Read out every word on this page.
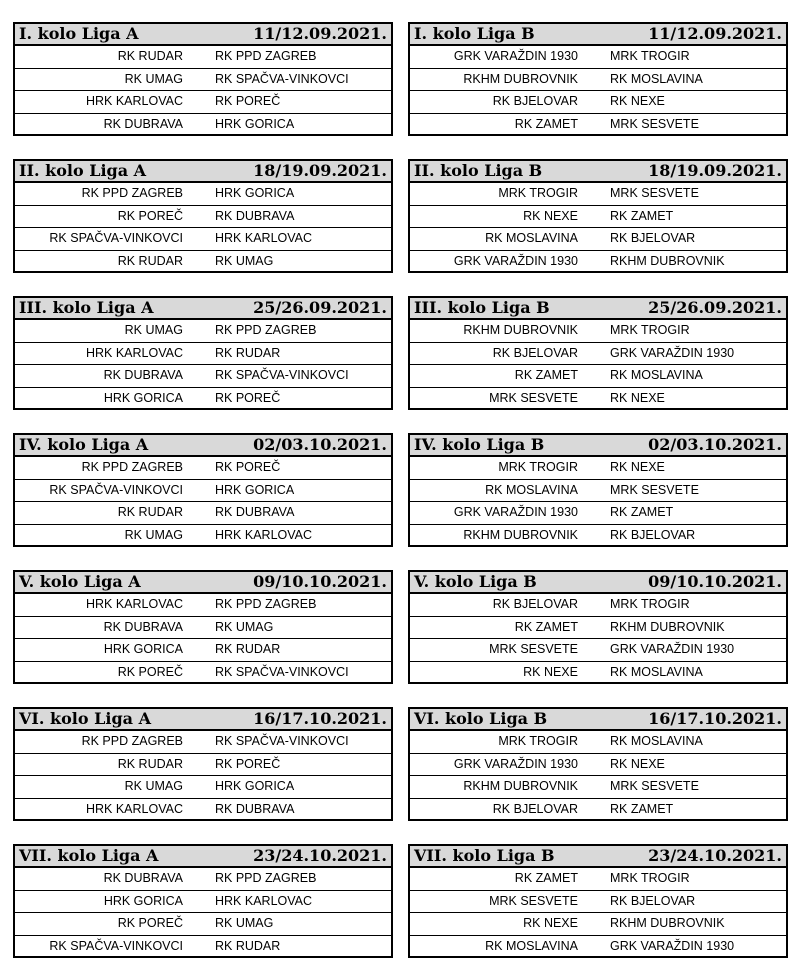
I. kolo Liga A	11/12.09.2021.
RK RUDAR	RK PPD ZAGREB
RK UMAG	RK SPAČVA-VINKOVCI
HRK KARLOVAC	RK POREČ
RK DUBRAVA	HRK GORICA
I. kolo Liga B	11/12.09.2021.
GRK VARAŽDIN 1930	MRK TROGIR
RKHM DUBROVNIK	RK MOSLAVINA
RK BJELOVAR	RK NEXE
RK ZAMET	MRK SESVETE
II. kolo Liga A	18/19.09.2021.
RK PPD ZAGREB	HRK GORICA
RK POREČ	RK DUBRAVA
RK SPAČVA-VINKOVCI	HRK KARLOVAC
RK RUDAR	RK UMAG
II. kolo Liga B	18/19.09.2021.
MRK TROGIR	MRK SESVETE
RK NEXE	RK ZAMET
RK MOSLAVINA	RK BJELOVAR
GRK VARAŽDIN 1930	RKHM DUBROVNIK
III. kolo Liga A	25/26.09.2021.
RK UMAG	RK PPD ZAGREB
HRK KARLOVAC	RK RUDAR
RK DUBRAVA	RK SPAČVA-VINKOVCI
HRK GORICA	RK POREČ
III. kolo Liga B	25/26.09.2021.
RKHM DUBROVNIK	MRK TROGIR
RK BJELOVAR	GRK VARAŽDIN 1930
RK ZAMET	RK MOSLAVINA
MRK SESVETE	RK NEXE
IV. kolo Liga A	02/03.10.2021.
RK PPD ZAGREB	RK POREČ
RK SPAČVA-VINKOVCI	HRK GORICA
RK RUDAR	RK DUBRAVA
RK UMAG	HRK KARLOVAC
IV. kolo Liga B	02/03.10.2021.
MRK TROGIR	RK NEXE
RK MOSLAVINA	MRK SESVETE
GRK VARAŽDIN 1930	RK ZAMET
RKHM DUBROVNIK	RK BJELOVAR
V. kolo Liga A	09/10.10.2021.
HRK KARLOVAC	RK PPD ZAGREB
RK DUBRAVA	RK UMAG
HRK GORICA	RK RUDAR
RK POREČ	RK SPAČVA-VINKOVCI
V. kolo Liga B	09/10.10.2021.
RK BJELOVAR	MRK TROGIR
RK ZAMET	RKHM DUBROVNIK
MRK SESVETE	GRK VARAŽDIN 1930
RK NEXE	RK MOSLAVINA
VI. kolo Liga A	16/17.10.2021.
RK PPD ZAGREB	RK SPAČVA-VINKOVCI
RK RUDAR	RK POREČ
RK UMAG	HRK GORICA
HRK KARLOVAC	RK DUBRAVA
VI. kolo Liga B	16/17.10.2021.
MRK TROGIR	RK MOSLAVINA
GRK VARAŽDIN 1930	RK NEXE
RKHM DUBROVNIK	MRK SESVETE
RK BJELOVAR	RK ZAMET
VII. kolo Liga A	23/24.10.2021.
RK DUBRAVA	RK PPD ZAGREB
HRK GORICA	HRK KARLOVAC
RK POREČ	RK UMAG
RK SPAČVA-VINKOVCI	RK RUDAR
VII. kolo Liga B	23/24.10.2021.
RK ZAMET	MRK TROGIR
MRK SESVETE	RK BJELOVAR
RK NEXE	RKHM DUBROVNIK
RK MOSLAVINA	GRK VARAŽDIN 1930
